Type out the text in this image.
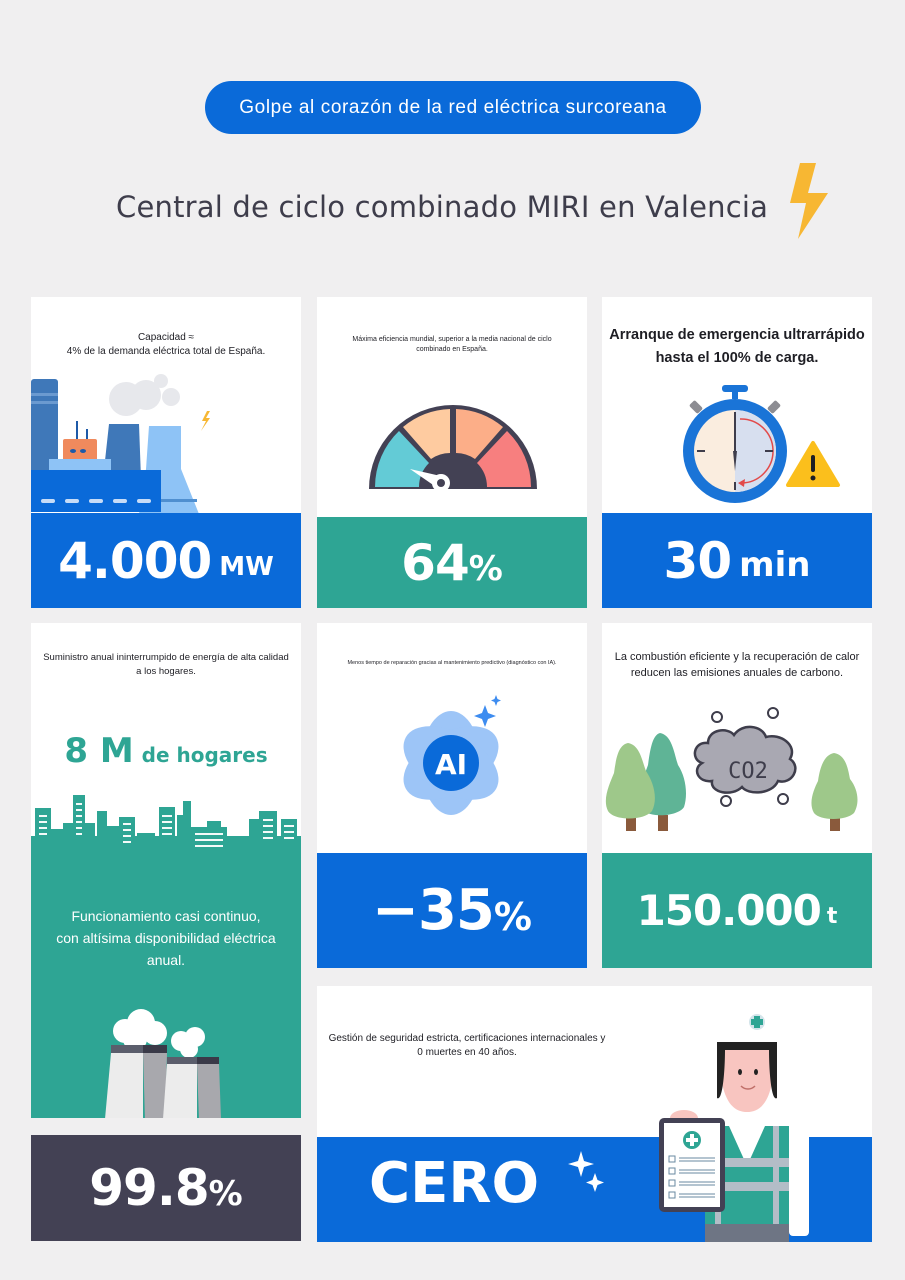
Golpe al corazón de la red eléctrica surcoreana
Central de ciclo combinado MIRI en Valencia
Capacidad ≈
4% de la demanda eléctrica total de España.
4.000 MW
Máxima eficiencia mundial, superior a la media nacional de ciclo combinado en España.
64 %
Arranque de emergencia ultrarrápido
hasta el 100% de carga.
30 min
Suministro anual ininterrumpido de energía de alta calidad
a los hogares.
8 M de hogares
Funcionamiento casi continuo,
con altísima disponibilidad eléctrica
anual.
99.8 %
Menos tiempo de reparación gracias al mantenimiento predictivo (diagnóstico con IA).
AI
−35 %
La combustión eficiente y la recuperación de calor
reducen las emisiones anuales de carbono.
CO2
150.000 t
Gestión de seguridad estricta, certificaciones internacionales y
0 muertes en 40 años.
CERO
